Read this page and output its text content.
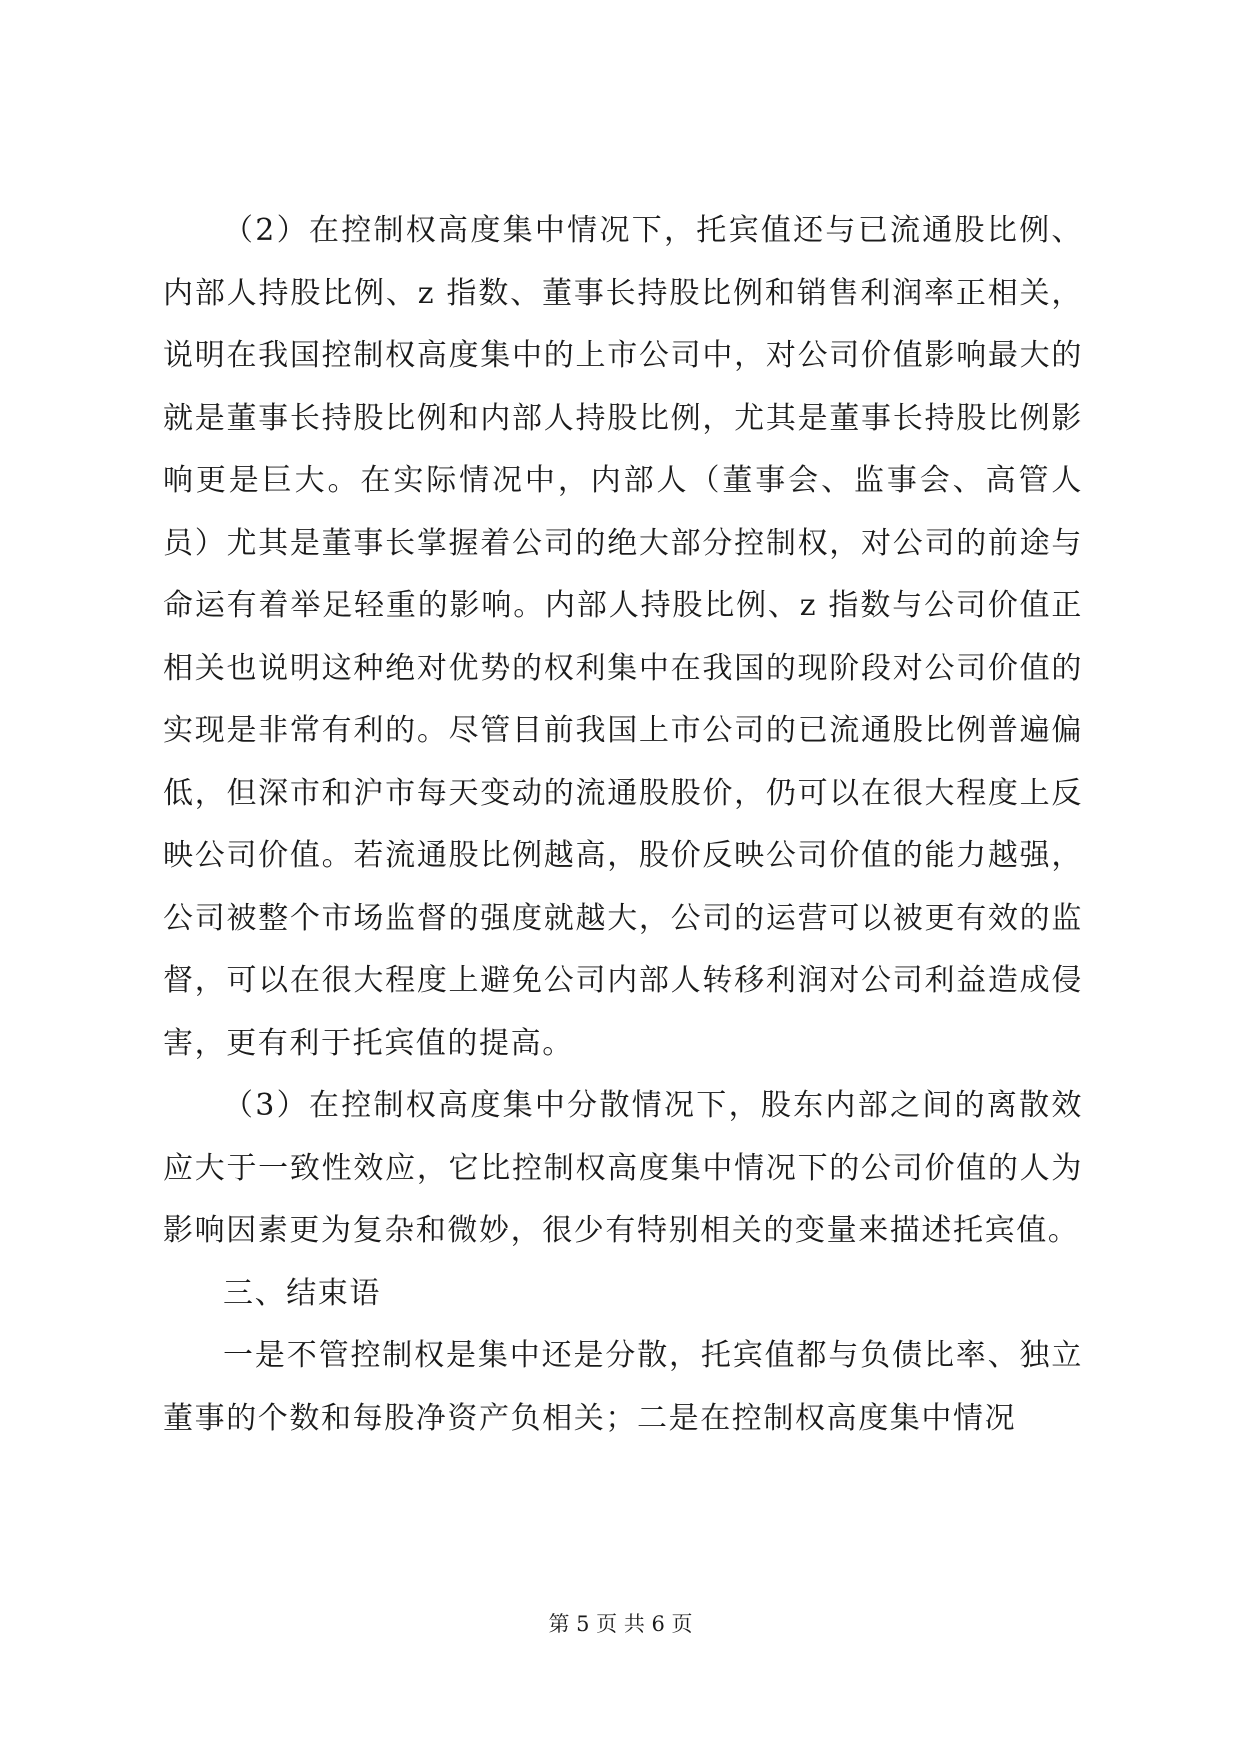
（2）在控制权高度集中情况下，托宾值还与已流通股比例、内部人持股比例、z 指数、董事长持股比例和销售利润率正相关，说明在我国控制权高度集中的上市公司中，对公司价值影响最大的就是董事长持股比例和内部人持股比例，尤其是董事长持股比例影响更是巨大。在实际情况中，内部人（董事会、监事会、高管人员）尤其是董事长掌握着公司的绝大部分控制权，对公司的前途与命运有着举足轻重的影响。内部人持股比例、z 指数与公司价值正相关也说明这种绝对优势的权利集中在我国的现阶段对公司价值的实现是非常有利的。尽管目前我国上市公司的已流通股比例普遍偏低，但深市和沪市每天变动的流通股股价，仍可以在很大程度上反映公司价值。若流通股比例越高，股价反映公司价值的能力越强，公司被整个市场监督的强度就越大，公司的运营可以被更有效的监督，可以在很大程度上避免公司内部人转移利润对公司利益造成侵害，更有利于托宾值的提高。

（3）在控制权高度集中分散情况下，股东内部之间的离散效应大于一致性效应，它比控制权高度集中情况下的公司价值的人为影响因素更为复杂和微妙，很少有特别相关的变量来描述托宾值。

三、结束语

一是不管控制权是集中还是分散，托宾值都与负债比率、独立董事的个数和每股净资产负相关；二是在控制权高度集中情况

第 5 页 共 6 页
